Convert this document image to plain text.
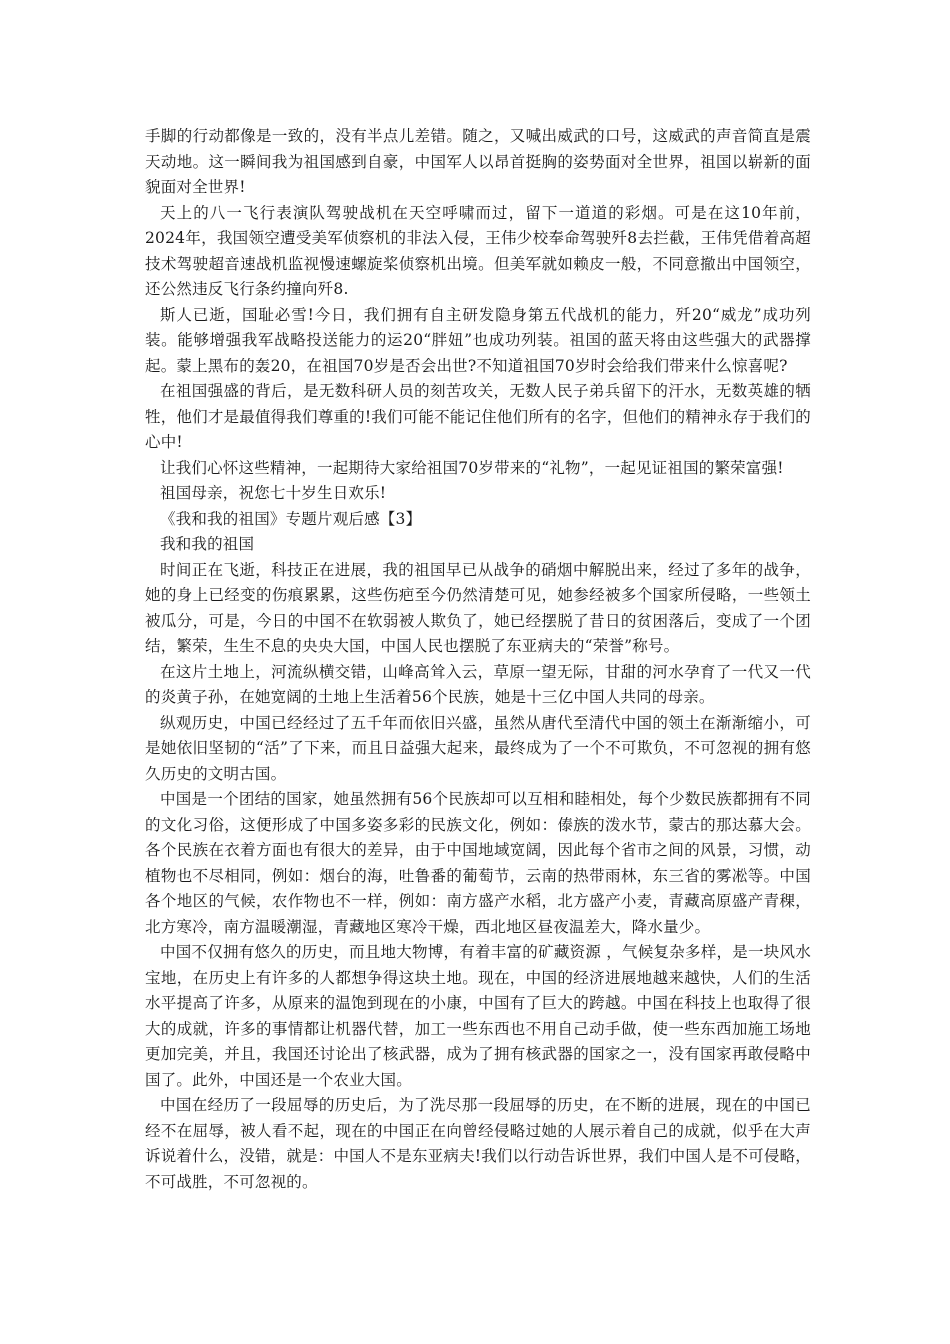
手脚的行动都像是一致的，没有半点儿差错。随之，又喊出威武的口号，这威武的声音简直是震天动地。这一瞬间我为祖国感到自豪，中国军人以昂首挺胸的姿势面对全世界，祖国以崭新的面貌面对全世界!

天上的八一飞行表演队驾驶战机在天空呼啸而过，留下一道道的彩烟。可是在这10年前，2024年，我国领空遭受美军侦察机的非法入侵，王伟少校奉命驾驶歼8去拦截，王伟凭借着高超技术驾驶超音速战机监视慢速螺旋桨侦察机出境。但美军就如赖皮一般，不同意撤出中国领空，还公然违反飞行条约撞向歼8.

斯人已逝，国耻必雪!今日，我们拥有自主研发隐身第五代战机的能力，歼20“威龙”成功列装。能够增强我军战略投送能力的运20“胖妞”也成功列装。祖国的蓝天将由这些强大的武器撑起。蒙上黑布的轰20，在祖国70岁是否会出世?不知道祖国70岁时会给我们带来什么惊喜呢?

在祖国强盛的背后，是无数科研人员的刻苦攻关，无数人民子弟兵留下的汗水，无数英雄的牺牲，他们才是最值得我们尊重的!我们可能不能记住他们所有的名字，但他们的精神永存于我们的心中!

让我们心怀这些精神，一起期待大家给祖国70岁带来的“礼物”，一起见证祖国的繁荣富强!

祖国母亲，祝您七十岁生日欢乐!

《我和我的祖国》专题片观后感【3】

我和我的祖国

时间正在飞逝，科技正在进展，我的祖国早已从战争的硝烟中解脱出来，经过了多年的战争，她的身上已经变的伤痕累累，这些伤疤至今仍然清楚可见，她参经被多个国家所侵略，一些领土被瓜分，可是，今日的中国不在软弱被人欺负了，她已经摆脱了昔日的贫困落后，变成了一个团结，繁荣，生生不息的央央大国，中国人民也摆脱了东亚病夫的“荣誉”称号。

在这片土地上，河流纵横交错，山峰高耸入云，草原一望无际，甘甜的河水孕育了一代又一代的炎黄子孙，在她宽阔的土地上生活着56个民族，她是十三亿中国人共同的母亲。

纵观历史，中国已经经过了五千年而依旧兴盛，虽然从唐代至清代中国的领土在渐渐缩小，可是她依旧坚韧的“活”了下来，而且日益强大起来，最终成为了一个不可欺负，不可忽视的拥有悠久历史的文明古国。

中国是一个团结的国家，她虽然拥有56个民族却可以互相和睦相处，每个少数民族都拥有不同的文化习俗，这便形成了中国多姿多彩的民族文化，例如：傣族的泼水节，蒙古的那达慕大会。各个民族在衣着方面也有很大的差异，由于中国地域宽阔，因此每个省市之间的风景，习惯，动植物也不尽相同，例如：烟台的海，吐鲁番的葡萄节，云南的热带雨林，东三省的雾凇等。中国各个地区的气候，农作物也不一样，例如：南方盛产水稻，北方盛产小麦，青藏高原盛产青稞，北方寒冷，南方温暖潮湿，青藏地区寒冷干燥，西北地区昼夜温差大，降水量少。

中国不仅拥有悠久的历史，而且地大物博，有着丰富的矿藏资源 ，气候复杂多样，是一块风水宝地，在历史上有许多的人都想争得这块土地。现在，中国的经济进展地越来越快，人们的生活水平提高了许多，从原来的温饱到现在的小康，中国有了巨大的跨越。中国在科技上也取得了很大的成就，许多的事情都让机器代替，加工一些东西也不用自己动手做，使一些东西加施工场地更加完美，并且，我国还讨论出了核武器，成为了拥有核武器的国家之一，没有国家再敢侵略中国了。此外，中国还是一个农业大国。

中国在经历了一段屈辱的历史后，为了洗尽那一段屈辱的历史，在不断的进展，现在的中国已经不在屈辱，被人看不起，现在的中国正在向曾经侵略过她的人展示着自己的成就，似乎在大声诉说着什么，没错，就是：中国人不是东亚病夫!我们以行动告诉世界，我们中国人是不可侵略，不可战胜，不可忽视的。
